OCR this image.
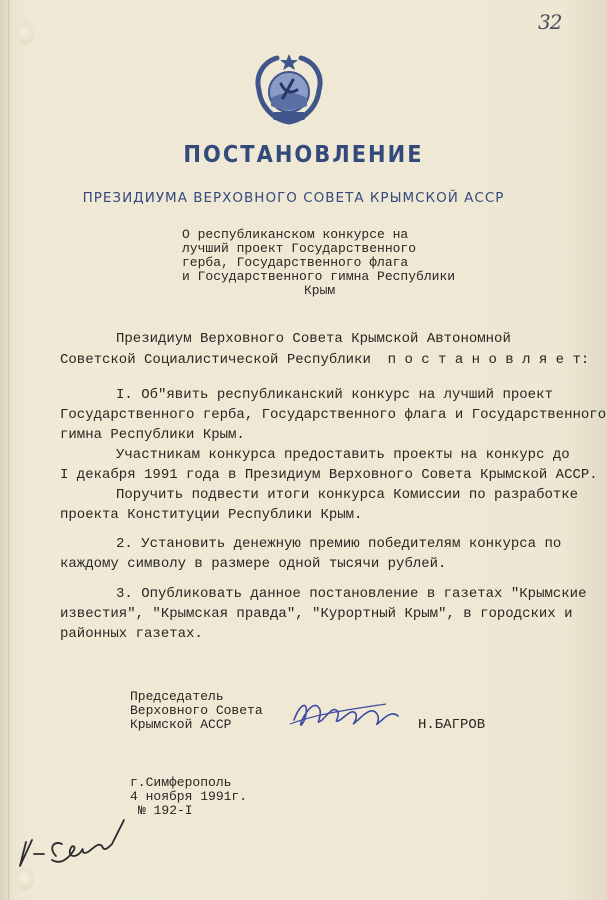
32
ПОСТАНОВЛЕНИЕ
ПРЕЗИДИУМА ВЕРХОВНОГО СОВЕТА КРЫМСКОЙ АССР
О республиканском конкурсе на
лучший проект Государственного
герба, Государственного флага
и Государственного гимна Республики
Крым
Президиум Верховного Совета Крымской Автономной
Советской Социалистической Республики  п о с т а н о в л я е т:
I. Об"явить республиканский конкурс на лучший проект
Государственного герба, Государственного флага и Государственного
гимна Республики Крым.
Участникам конкурса предоставить проекты на конкурс до
I декабря 1991 года в Президиум Верховного Совета Крымской АССР.
Поручить подвести итоги конкурса Комиссии по разработке
проекта Конституции Республики Крым.
2. Установить денежную премию победителям конкурса по
каждому символу в размере одной тысячи рублей.
3. Опубликовать данное постановление в газетах "Крымские
известия", "Крымская правда", "Курортный Крым", в городских и
районных газетах.
Председатель
Верховного Совета
Крымской АССР	Н.БАГРОВ
г.Симферополь
4 ноября 1991г.
№ 192-I
